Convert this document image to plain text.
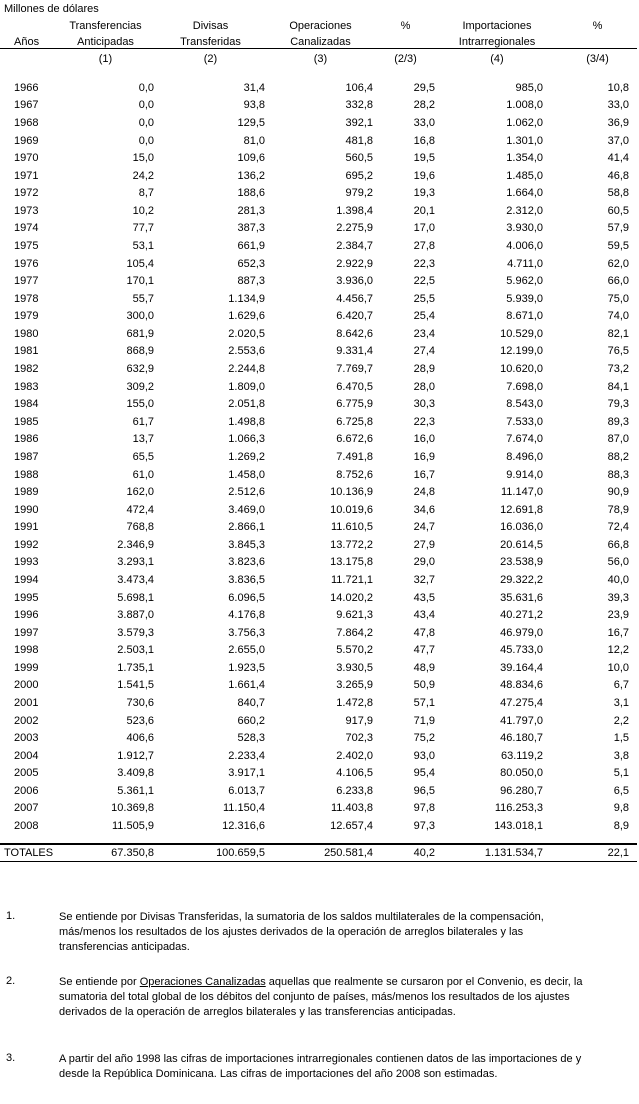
Millones de dólares
	Transferencias	Divisas	Operaciones	%	Importaciones	%
Años	Anticipadas	Transferidas	Canalizadas		Intrarregionales	
	(1)	(2)	(3)	(2/3)	(4)	(3/4)

1966	0,0	31,4	106,4	29,5	985,0	10,8
1967	0,0	93,8	332,8	28,2	1.008,0	33,0
1968	0,0	129,5	392,1	33,0	1.062,0	36,9
1969	0,0	81,0	481,8	16,8	1.301,0	37,0
1970	15,0	109,6	560,5	19,5	1.354,0	41,4
1971	24,2	136,2	695,2	19,6	1.485,0	46,8
1972	8,7	188,6	979,2	19,3	1.664,0	58,8
1973	10,2	281,3	1.398,4	20,1	2.312,0	60,5
1974	77,7	387,3	2.275,9	17,0	3.930,0	57,9
1975	53,1	661,9	2.384,7	27,8	4.006,0	59,5
1976	105,4	652,3	2.922,9	22,3	4.711,0	62,0
1977	170,1	887,3	3.936,0	22,5	5.962,0	66,0
1978	55,7	1.134,9	4.456,7	25,5	5.939,0	75,0
1979	300,0	1.629,6	6.420,7	25,4	8.671,0	74,0
1980	681,9	2.020,5	8.642,6	23,4	10.529,0	82,1
1981	868,9	2.553,6	9.331,4	27,4	12.199,0	76,5
1982	632,9	2.244,8	7.769,7	28,9	10.620,0	73,2
1983	309,2	1.809,0	6.470,5	28,0	7.698,0	84,1
1984	155,0	2.051,8	6.775,9	30,3	8.543,0	79,3
1985	61,7	1.498,8	6.725,8	22,3	7.533,0	89,3
1986	13,7	1.066,3	6.672,6	16,0	7.674,0	87,0
1987	65,5	1.269,2	7.491,8	16,9	8.496,0	88,2
1988	61,0	1.458,0	8.752,6	16,7	9.914,0	88,3
1989	162,0	2.512,6	10.136,9	24,8	11.147,0	90,9
1990	472,4	3.469,0	10.019,6	34,6	12.691,8	78,9
1991	768,8	2.866,1	11.610,5	24,7	16.036,0	72,4
1992	2.346,9	3.845,3	13.772,2	27,9	20.614,5	66,8
1993	3.293,1	3.823,6	13.175,8	29,0	23.538,9	56,0
1994	3.473,4	3.836,5	11.721,1	32,7	29.322,2	40,0
1995	5.698,1	6.096,5	14.020,2	43,5	35.631,6	39,3
1996	3.887,0	4.176,8	9.621,3	43,4	40.271,2	23,9
1997	3.579,3	3.756,3	7.864,2	47,8	46.979,0	16,7
1998	2.503,1	2.655,0	5.570,2	47,7	45.733,0	12,2
1999	1.735,1	1.923,5	3.930,5	48,9	39.164,4	10,0
2000	1.541,5	1.661,4	3.265,9	50,9	48.834,6	6,7
2001	730,6	840,7	1.472,8	57,1	47.275,4	3,1
2002	523,6	660,2	917,9	71,9	41.797,0	2,2
2003	406,6	528,3	702,3	75,2	46.180,7	1,5
2004	1.912,7	2.233,4	2.402,0	93,0	63.119,2	3,8
2005	3.409,8	3.917,1	4.106,5	95,4	80.050,0	5,1
2006	5.361,1	6.013,7	6.233,8	96,5	96.280,7	6,5
2007	10.369,8	11.150,4	11.403,8	97,8	116.253,3	9,8
2008	11.505,9	12.316,6	12.657,4	97,3	143.018,1	8,9

TOTALES	67.350,8	100.659,5	250.581,4	40,2	1.131.534,7	22,1
1.	Se entiende por Divisas Transferidas, la sumatoria de los saldos multilaterales de la compensación,
más/menos los resultados de los ajustes derivados de la operación de arreglos bilaterales y las
transferencias anticipadas.
2.	Se entiende por Operaciones Canalizadas aquellas que realmente se cursaron por el Convenio, es decir, la
sumatoria del total global de los débitos del conjunto de países, más/menos los resultados de los ajustes
derivados de la operación de arreglos bilaterales y las transferencias anticipadas.
3.	A partir del año 1998 las cifras de importaciones intrarregionales contienen datos de las importaciones de y
desde la República Dominicana. Las cifras de importaciones del año 2008 son estimadas.
